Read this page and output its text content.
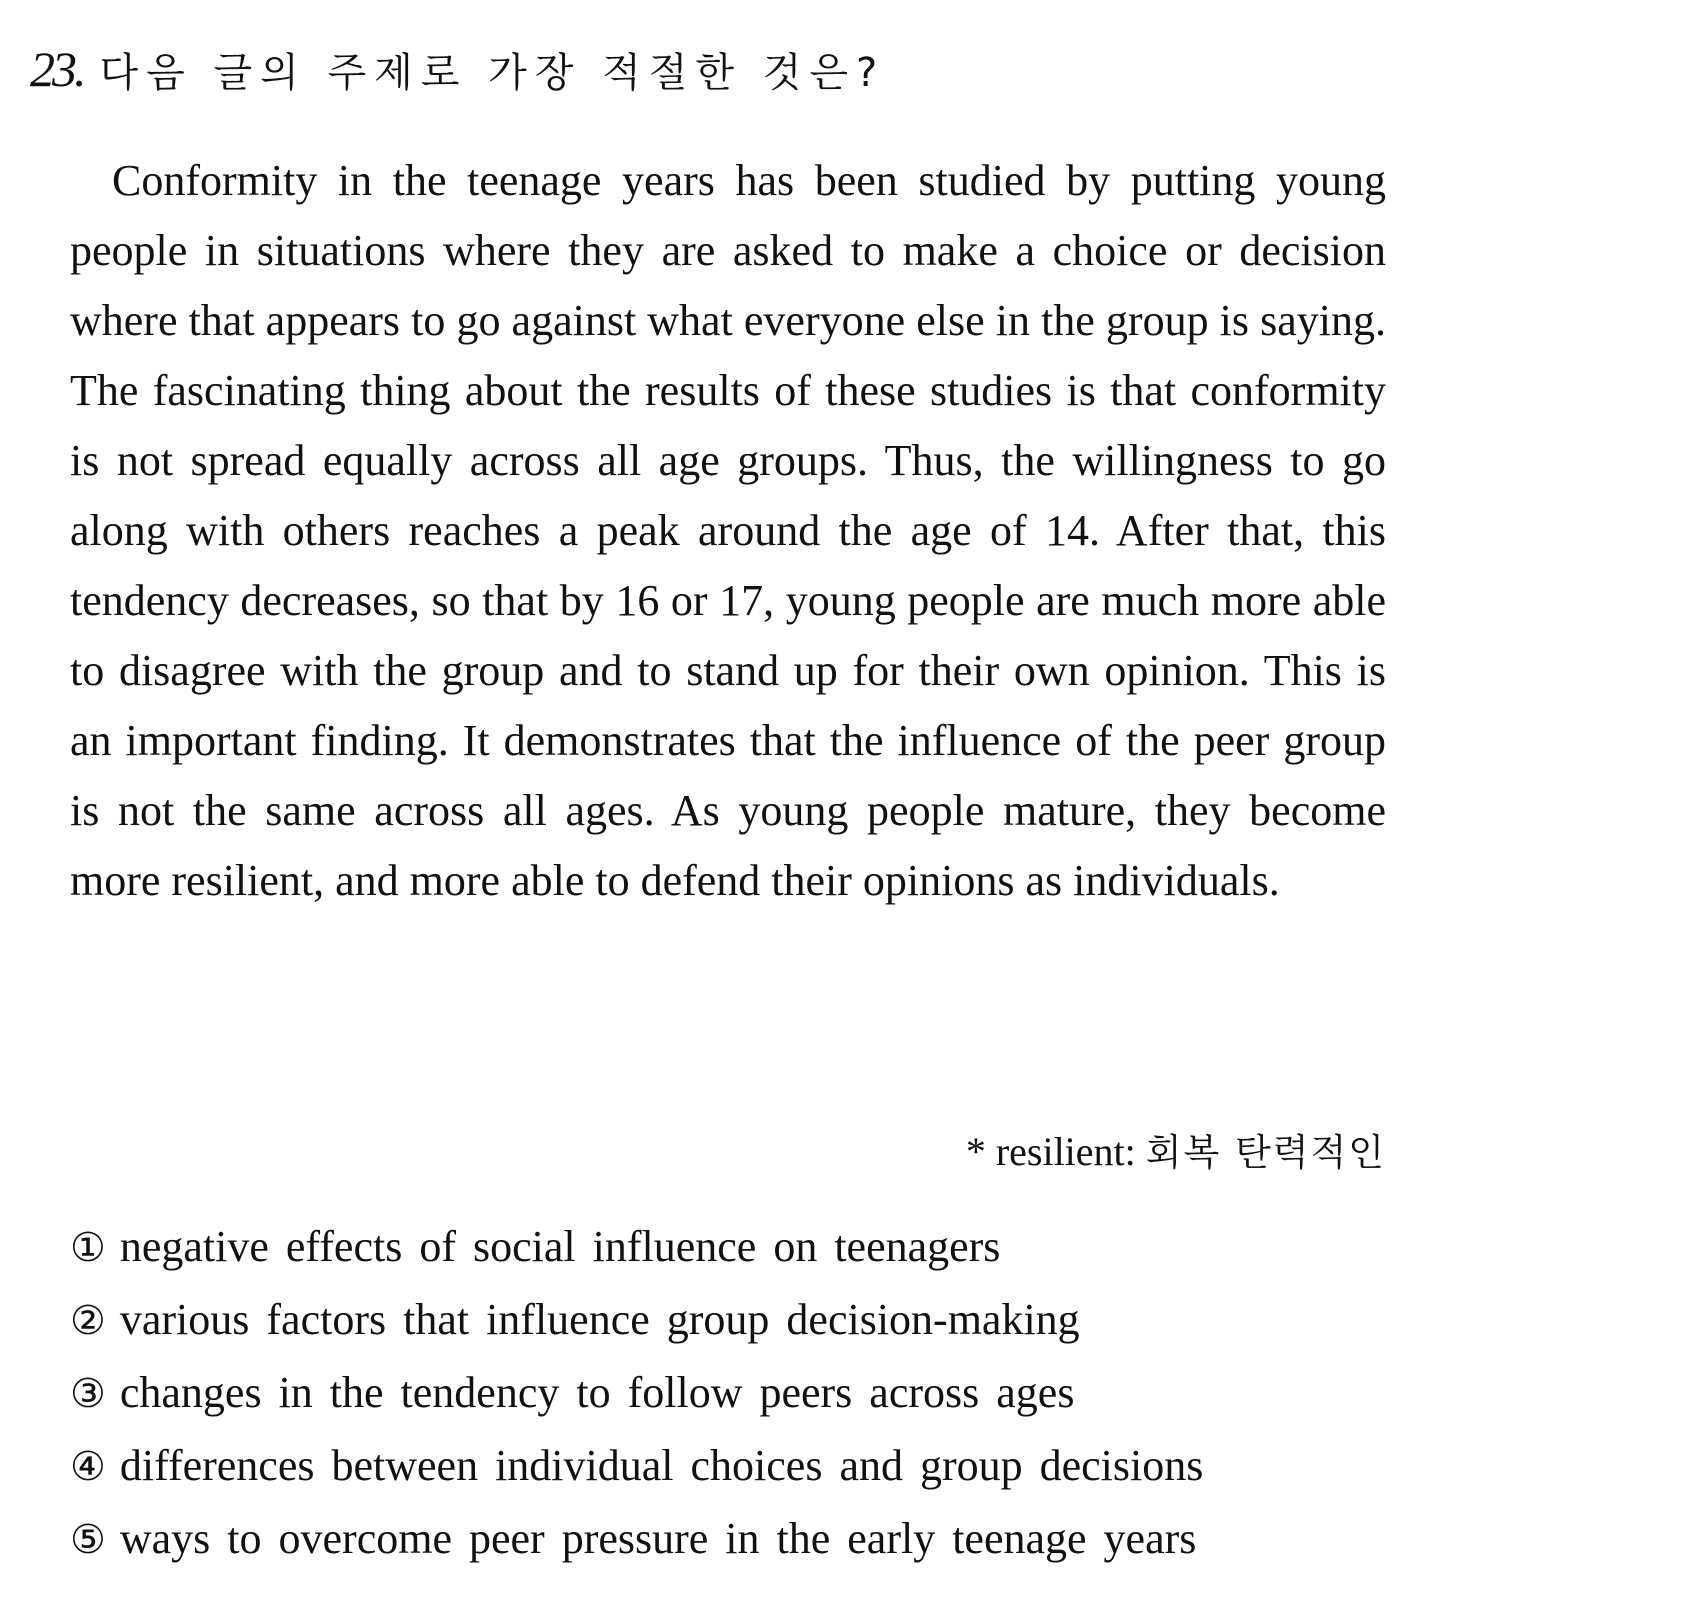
23. 다음 글의 주제로 가장 적절한 것은?

Conformity in the teenage years has been studied by putting young people in situations where they are asked to make a choice or decision where that appears to go against what everyone else in the group is saying. The fascinating thing about the results of these studies is that conformity is not spread equally across all age groups. Thus, the willingness to go along with others reaches a peak around the age of 14. After that, this tendency decreases, so that by 16 or 17, young people are much more able to disagree with the group and to stand up for their own opinion. This is an important finding. It demonstrates that the influence of the peer group is not the same across all ages. As young people mature, they become more resilient, and more able to defend their opinions as individuals.

* resilient: 회복 탄력적인
① negative effects of social influence on teenagers
② various factors that influence group decision-making
③ changes in the tendency to follow peers across ages
④ differences between individual choices and group decisions
⑤ ways to overcome peer pressure in the early teenage years
